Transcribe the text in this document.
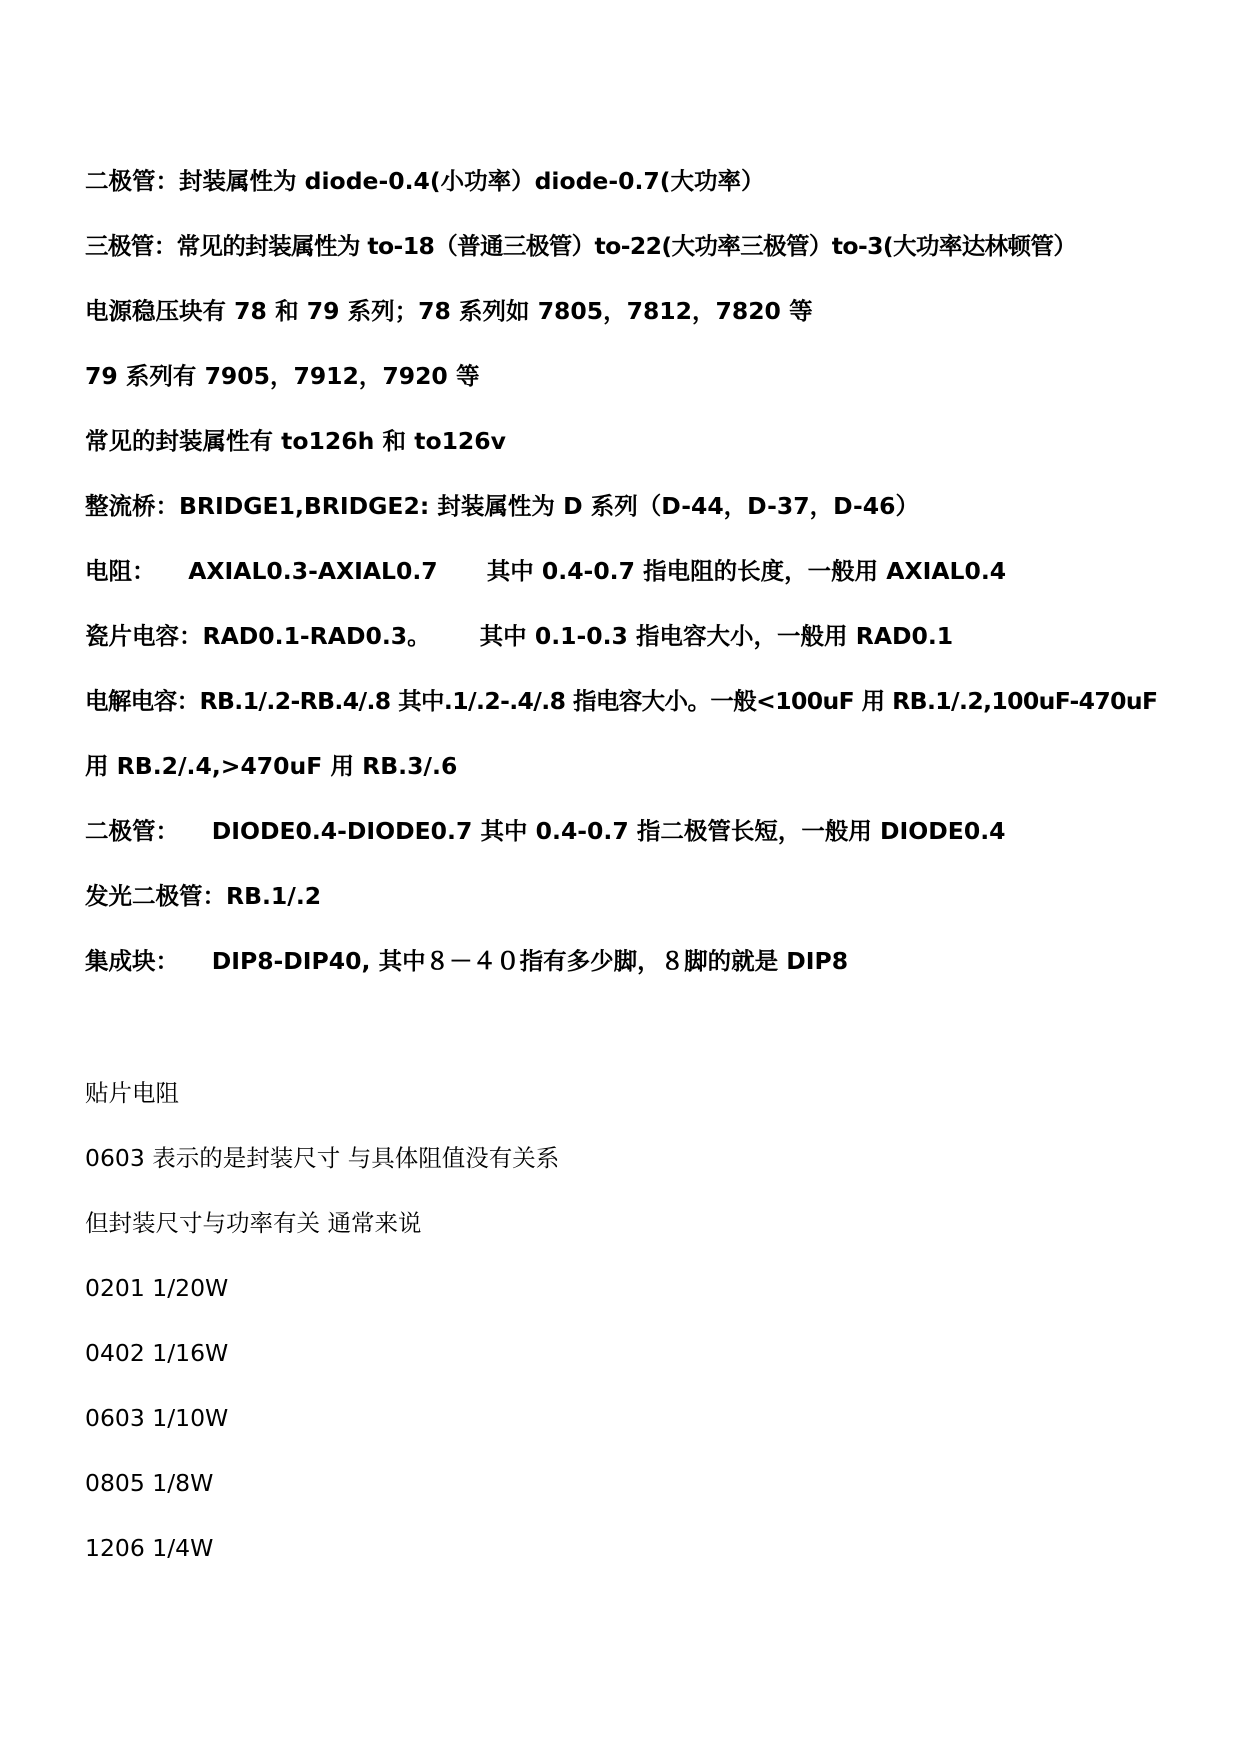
二极管：封装属性为 diode-0.4(小功率）diode-0.7(大功率）

三极管：常见的封装属性为 to-18（普通三极管）to-22(大功率三极管）to-3(大功率达林顿管）

电源稳压块有 78 和 79 系列；78 系列如 7805，7812，7820 等

79 系列有 7905，7912，7920 等

常见的封装属性有 to126h 和 to126v

整流桥：BRIDGE1,BRIDGE2: 封装属性为 D 系列（D-44，D-37，D-46）

电阻：    AXIAL0.3-AXIAL0.7      其中 0.4-0.7 指电阻的长度，一般用 AXIAL0.4

瓷片电容：RAD0.1-RAD0.3。      其中 0.1-0.3 指电容大小，一般用 RAD0.1

电解电容：RB.1/.2-RB.4/.8 其中.1/.2-.4/.8 指电容大小。一般<100uF 用 RB.1/.2,100uF-470uF

用 RB.2/.4,>470uF 用 RB.3/.6

二极管：    DIODE0.4-DIODE0.7 其中 0.4-0.7 指二极管长短，一般用 DIODE0.4

发光二极管：RB.1/.2

集成块：    DIP8-DIP40, 其中８－４０指有多少脚，８脚的就是 DIP8

贴片电阻

0603 表示的是封装尺寸 与具体阻值没有关系

但封装尺寸与功率有关 通常来说

0201 1/20W

0402 1/16W

0603 1/10W

0805 1/8W

1206 1/4W
